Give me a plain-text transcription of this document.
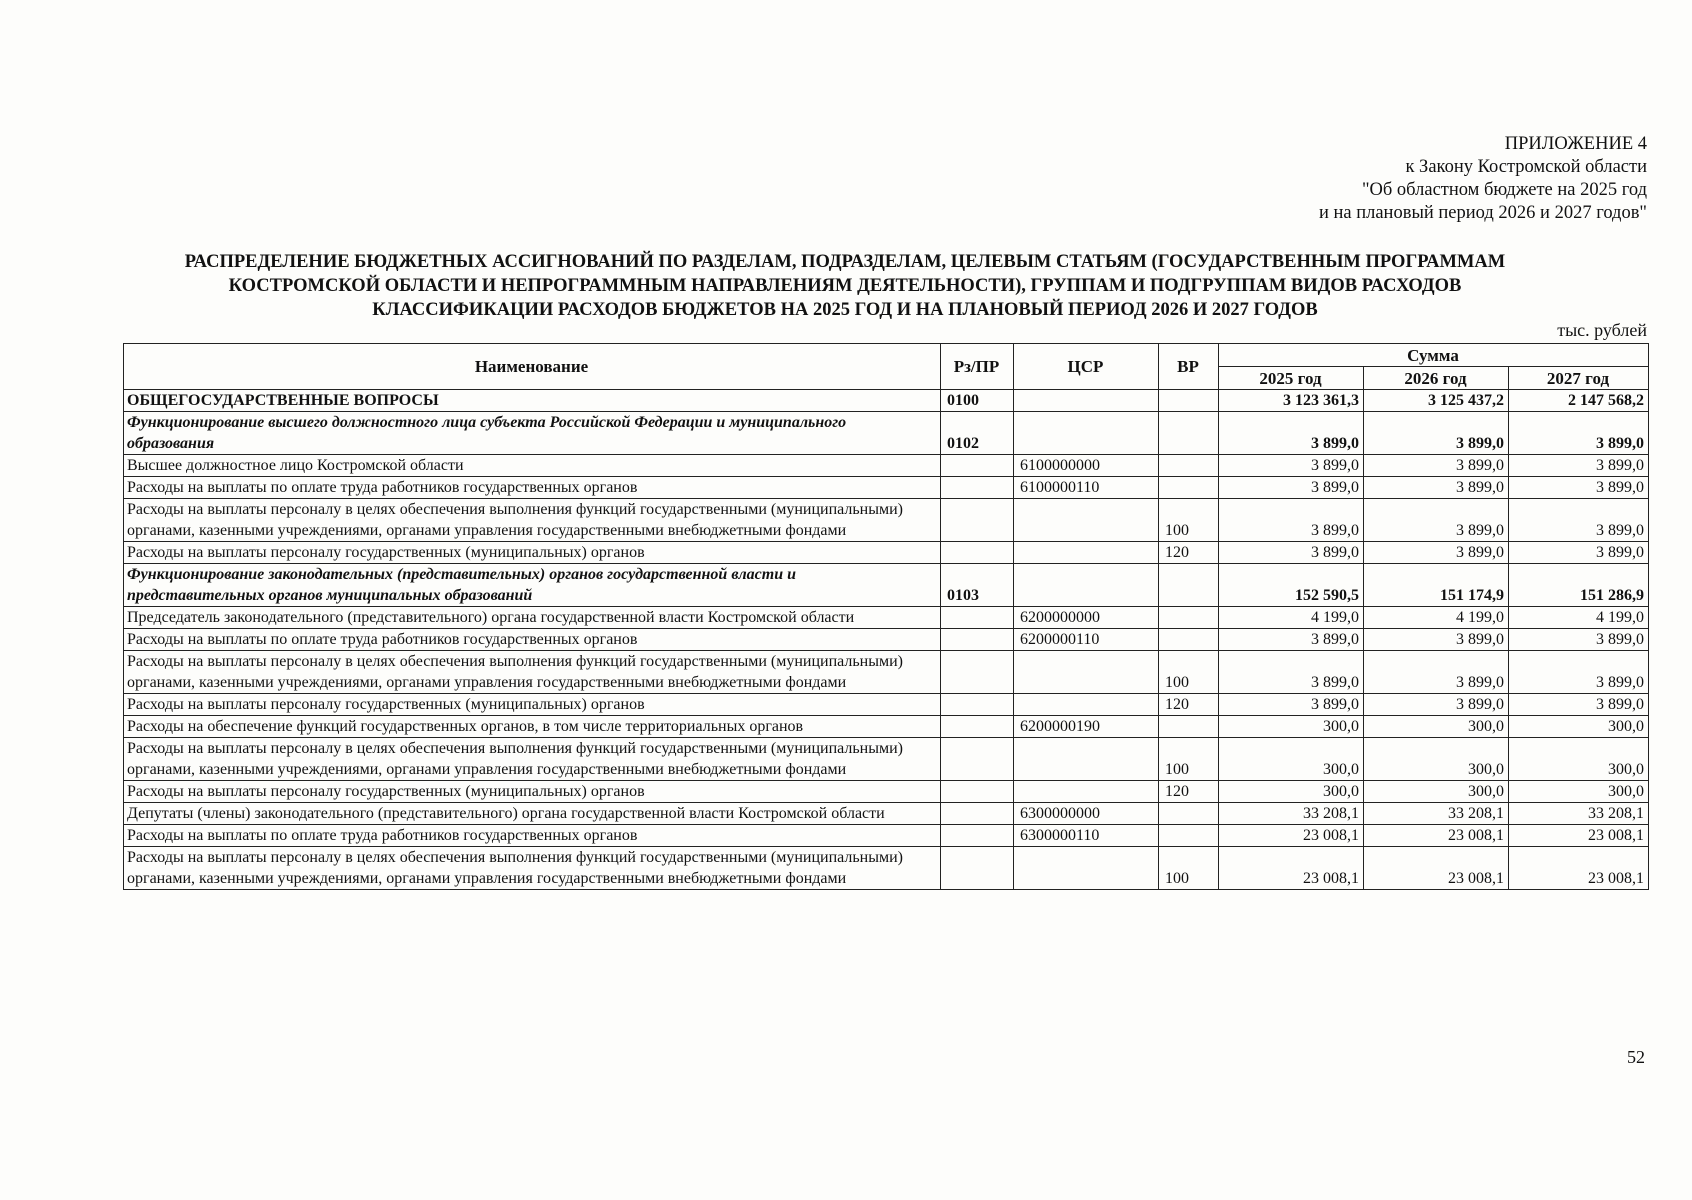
ПРИЛОЖЕНИЕ 4
к Закону Костромской области
"Об областном бюджете на 2025 год
и на плановый период 2026 и 2027 годов"
РАСПРЕДЕЛЕНИЕ БЮДЖЕТНЫХ АССИГНОВАНИЙ ПО РАЗДЕЛАМ, ПОДРАЗДЕЛАМ, ЦЕЛЕВЫМ СТАТЬЯМ (ГОСУДАРСТВЕННЫМ ПРОГРАММАМ
КОСТРОМСКОЙ ОБЛАСТИ И НЕПРОГРАММНЫМ НАПРАВЛЕНИЯМ ДЕЯТЕЛЬНОСТИ), ГРУППАМ И ПОДГРУППАМ ВИДОВ РАСХОДОВ
КЛАССИФИКАЦИИ РАСХОДОВ БЮДЖЕТОВ НА 2025 ГОД И НА ПЛАНОВЫЙ ПЕРИОД 2026 И 2027 ГОДОВ
тыс. рублей
Наименование	Рз/ПР	ЦСР	ВР	Сумма		
				2025 год	2026 год	2027 год
ОБЩЕГОСУДАРСТВЕННЫЕ ВОПРОСЫ	0100			3 123 361,3	3 125 437,2	2 147 568,2
Функционирование высшего должностного лица субъекта Российской Федерации и муниципального образования	0102			3 899,0	3 899,0	3 899,0
Высшее должностное лицо Костромской области		6100000000		3 899,0	3 899,0	3 899,0
Расходы на выплаты по оплате труда работников государственных органов		6100000110		3 899,0	3 899,0	3 899,0
Расходы на выплаты персоналу в целях обеспечения выполнения функций государственными (муниципальными) органами, казенными учреждениями, органами управления государственными внебюджетными фондами			100	3 899,0	3 899,0	3 899,0
Расходы на выплаты персоналу государственных (муниципальных) органов			120	3 899,0	3 899,0	3 899,0
Функционирование законодательных (представительных) органов государственной власти и представительных органов муниципальных образований	0103			152 590,5	151 174,9	151 286,9
Председатель законодательного (представительного) органа государственной власти Костромской области		6200000000		4 199,0	4 199,0	4 199,0
Расходы на выплаты по оплате труда работников государственных органов		6200000110		3 899,0	3 899,0	3 899,0
Расходы на выплаты персоналу в целях обеспечения выполнения функций государственными (муниципальными) органами, казенными учреждениями, органами управления государственными внебюджетными фондами			100	3 899,0	3 899,0	3 899,0
Расходы на выплаты персоналу государственных (муниципальных) органов			120	3 899,0	3 899,0	3 899,0
Расходы на обеспечение функций государственных органов, в том числе территориальных органов		6200000190		300,0	300,0	300,0
Расходы на выплаты персоналу в целях обеспечения выполнения функций государственными (муниципальными) органами, казенными учреждениями, органами управления государственными внебюджетными фондами			100	300,0	300,0	300,0
Расходы на выплаты персоналу государственных (муниципальных) органов			120	300,0	300,0	300,0
Депутаты (члены) законодательного (представительного) органа государственной власти Костромской области		6300000000		33 208,1	33 208,1	33 208,1
Расходы на выплаты по оплате труда работников государственных органов		6300000110		23 008,1	23 008,1	23 008,1
Расходы на выплаты персоналу в целях обеспечения выполнения функций государственными (муниципальными) органами, казенными учреждениями, органами управления государственными внебюджетными фондами			100	23 008,1	23 008,1	23 008,1
52
